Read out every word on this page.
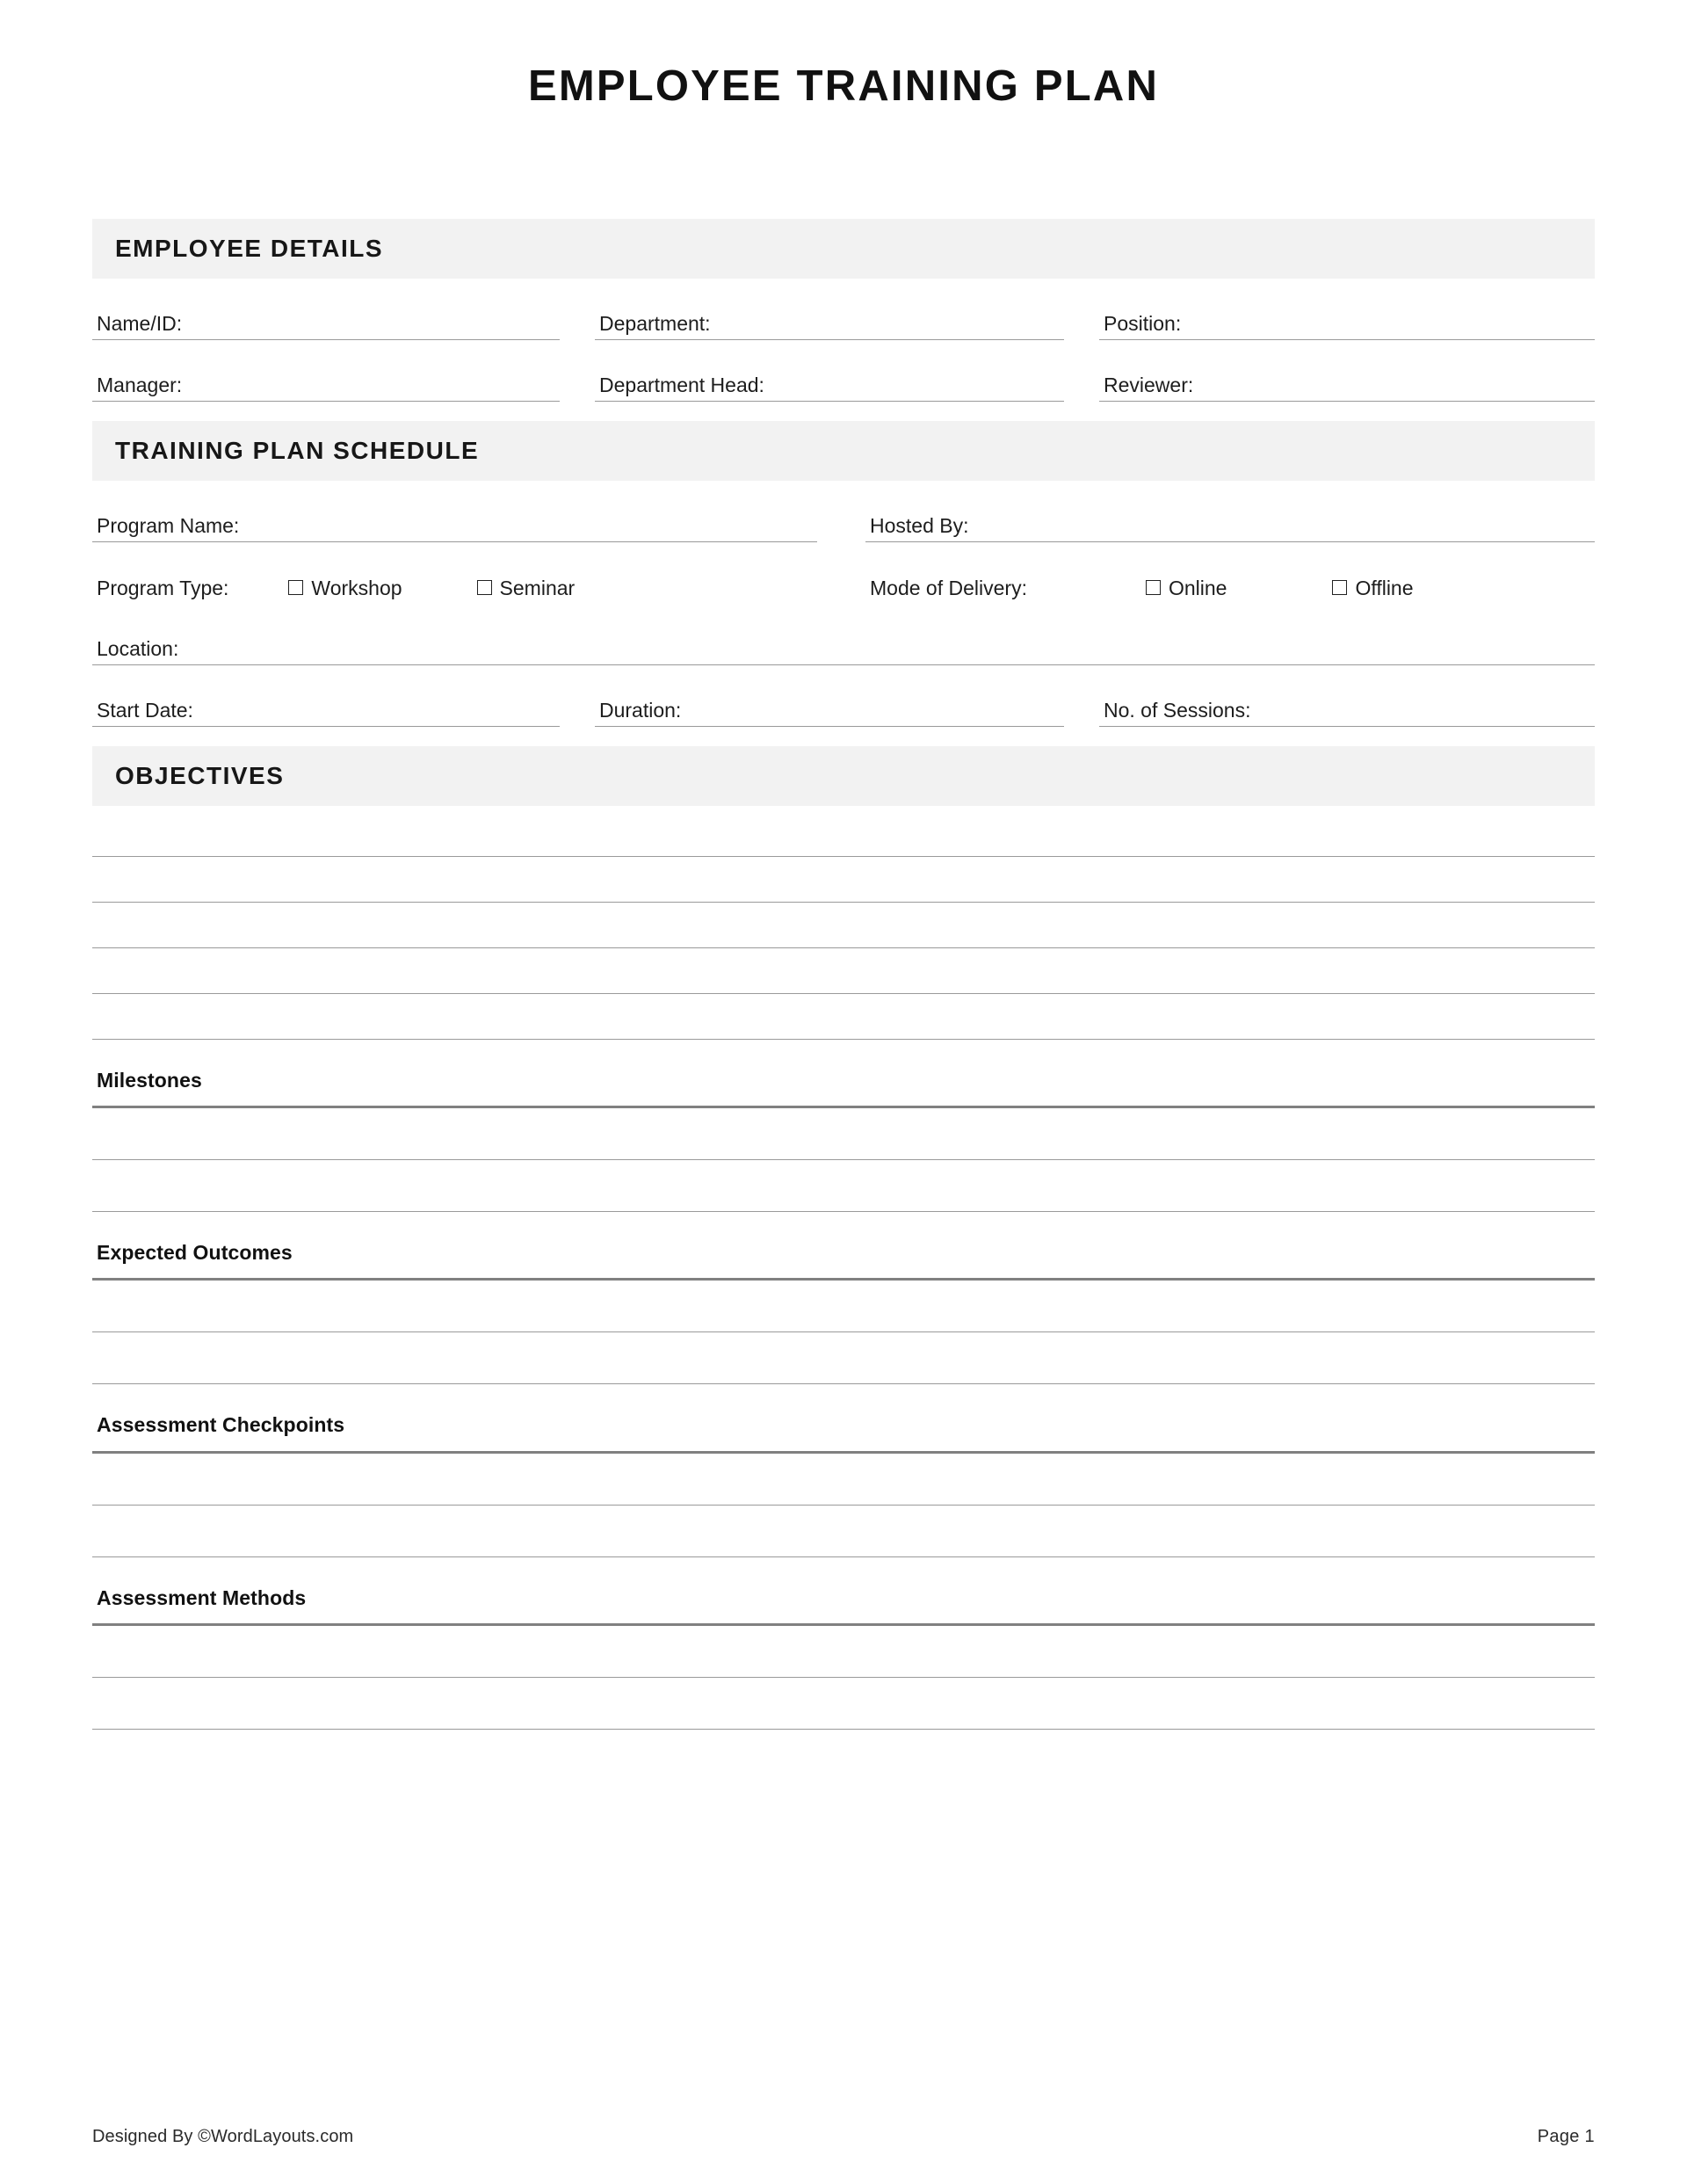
EMPLOYEE TRAINING PLAN
EMPLOYEE DETAILS
Name/ID:	Department:	Position:
Manager:	Department Head:	Reviewer:
TRAINING PLAN SCHEDULE
Program Name:	Hosted By:
Program Type:	Workshop	Seminar	Mode of Delivery:	Online	Offline
Location:
Start Date:	Duration:	No. of Sessions:
OBJECTIVES
Milestones
Expected Outcomes
Assessment Checkpoints
Assessment Methods
Designed By ©WordLayouts.com	Page 1
